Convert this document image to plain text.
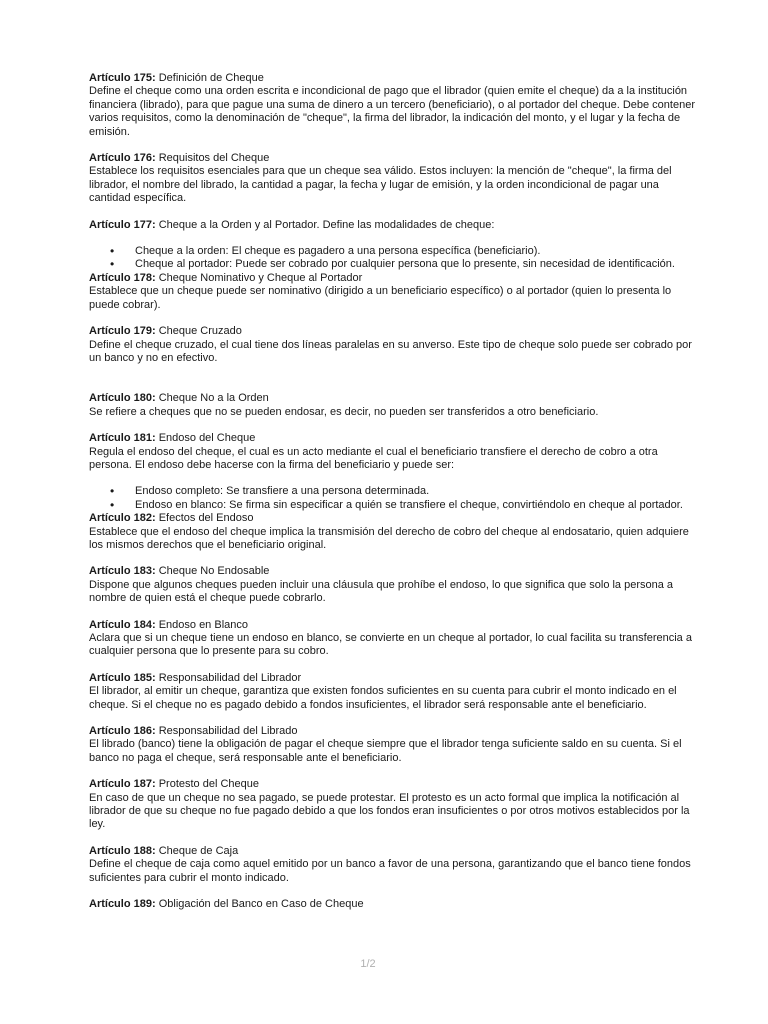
Artículo 175: Definición de Cheque
Define el cheque como una orden escrita e incondicional de pago que el librador (quien emite el cheque) da a la institución financiera (librado), para que pague una suma de dinero a un tercero (beneficiario), o al portador del cheque. Debe contener varios requisitos, como la denominación de "cheque", la firma del librador, la indicación del monto, y el lugar y la fecha de emisión.
Artículo 176: Requisitos del Cheque
Establece los requisitos esenciales para que un cheque sea válido. Estos incluyen: la mención de "cheque", la firma del librador, el nombre del librado, la cantidad a pagar, la fecha y lugar de emisión, y la orden incondicional de pagar una cantidad específica.
Artículo 177: Cheque a la Orden y al Portador. Define las modalidades de cheque:
• Cheque a la orden: El cheque es pagadero a una persona específica (beneficiario).
• Cheque al portador: Puede ser cobrado por cualquier persona que lo presente, sin necesidad de identificación.
Artículo 178: Cheque Nominativo y Cheque al Portador
Establece que un cheque puede ser nominativo (dirigido a un beneficiario específico) o al portador (quien lo presenta lo puede cobrar).
Artículo 179: Cheque Cruzado
Define el cheque cruzado, el cual tiene dos líneas paralelas en su anverso. Este tipo de cheque solo puede ser cobrado por un banco y no en efectivo.
Artículo 180: Cheque No a la Orden
Se refiere a cheques que no se pueden endosar, es decir, no pueden ser transferidos a otro beneficiario.
Artículo 181: Endoso del Cheque
Regula el endoso del cheque, el cual es un acto mediante el cual el beneficiario transfiere el derecho de cobro a otra persona. El endoso debe hacerse con la firma del beneficiario y puede ser:
• Endoso completo: Se transfiere a una persona determinada.
• Endoso en blanco: Se firma sin especificar a quién se transfiere el cheque, convirtiéndolo en cheque al portador.
Artículo 182: Efectos del Endoso
Establece que el endoso del cheque implica la transmisión del derecho de cobro del cheque al endosatario, quien adquiere los mismos derechos que el beneficiario original.
Artículo 183: Cheque No Endosable
Dispone que algunos cheques pueden incluir una cláusula que prohíbe el endoso, lo que significa que solo la persona a nombre de quien está el cheque puede cobrarlo.
Artículo 184: Endoso en Blanco
Aclara que si un cheque tiene un endoso en blanco, se convierte en un cheque al portador, lo cual facilita su transferencia a cualquier persona que lo presente para su cobro.
Artículo 185: Responsabilidad del Librador
El librador, al emitir un cheque, garantiza que existen fondos suficientes en su cuenta para cubrir el monto indicado en el cheque. Si el cheque no es pagado debido a fondos insuficientes, el librador será responsable ante el beneficiario.
Artículo 186: Responsabilidad del Librado
El librado (banco) tiene la obligación de pagar el cheque siempre que el librador tenga suficiente saldo en su cuenta. Si el banco no paga el cheque, será responsable ante el beneficiario.
Artículo 187: Protesto del Cheque
En caso de que un cheque no sea pagado, se puede protestar. El protesto es un acto formal que implica la notificación al librador de que su cheque no fue pagado debido a que los fondos eran insuficientes o por otros motivos establecidos por la ley.
Artículo 188: Cheque de Caja
Define el cheque de caja como aquel emitido por un banco a favor de una persona, garantizando que el banco tiene fondos suficientes para cubrir el monto indicado.
Artículo 189: Obligación del Banco en Caso de Cheque
1/2
